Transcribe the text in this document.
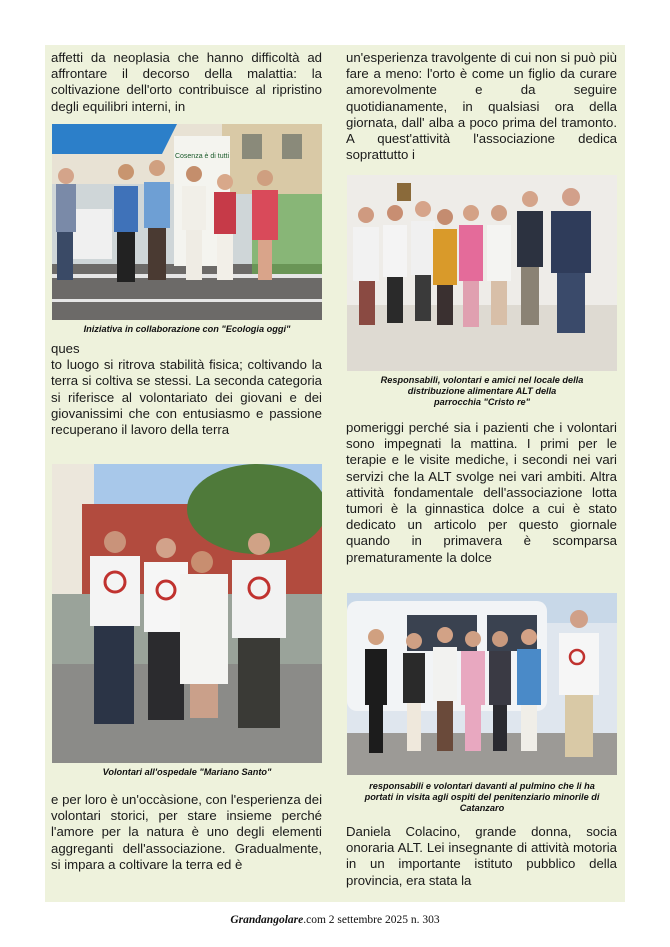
affetti da neoplasia che hanno difficoltà ad affrontare il decorso della malattia: la coltivazione dell'orto contribuisce al ripristino degli equilibri interni, in

Cosenza è di tutti
Iniziativa in collaborazione con "Ecologia oggi"

ques

to luogo si ritrova stabilità fisica; coltivando la terra si coltiva se stessi. La seconda categoria si riferisce al volontariato dei giovani e dei giovanissimi che con entusiasmo e passione recuperano il lavoro della terra

Volontari all'ospedale "Mariano Santo"

e per loro è un'occàsione, con l'esperienza dei volontari storici, per stare insieme perché l'amore per la natura è uno degli elementi aggreganti dell'associazione. Gradualmente, si impara a coltivare la terra ed è

un'esperienza travolgente di cui non si può più fare a meno: l'orto è come un figlio da curare amorevolmente e da seguire quotidianamente, in qualsiasi ora della giornata, dall' alba a poco prima del tramonto. A quest'attività l'associazione dedica soprattutto i

Responsabili, volontari e amici nel locale della
distribuzione alimentare ALT della
parrocchia "Cristo re"

pomeriggi perché sia i pazienti che i volontari sono impegnati la mattina. I primi per le terapie e le visite mediche, i secondi nei vari servizi che la ALT svolge nei vari ambiti. Altra attività fondamentale dell'associazione lotta tumori è la ginnastica dolce a cui è stato dedicato un articolo per questo giornale quando in primavera è scomparsa prematuramente la dolce

responsabili e volontari davanti al pulmino che li ha
portati in visita agli ospiti del penitenziario minorile di
Catanzaro

Daniela Colacino, grande donna, socia onoraria ALT. Lei insegnante di attività motoria in un importante istituto pubblico della provincia, era stata la

Grandangolare.com 2 settembre 2025 n. 303
